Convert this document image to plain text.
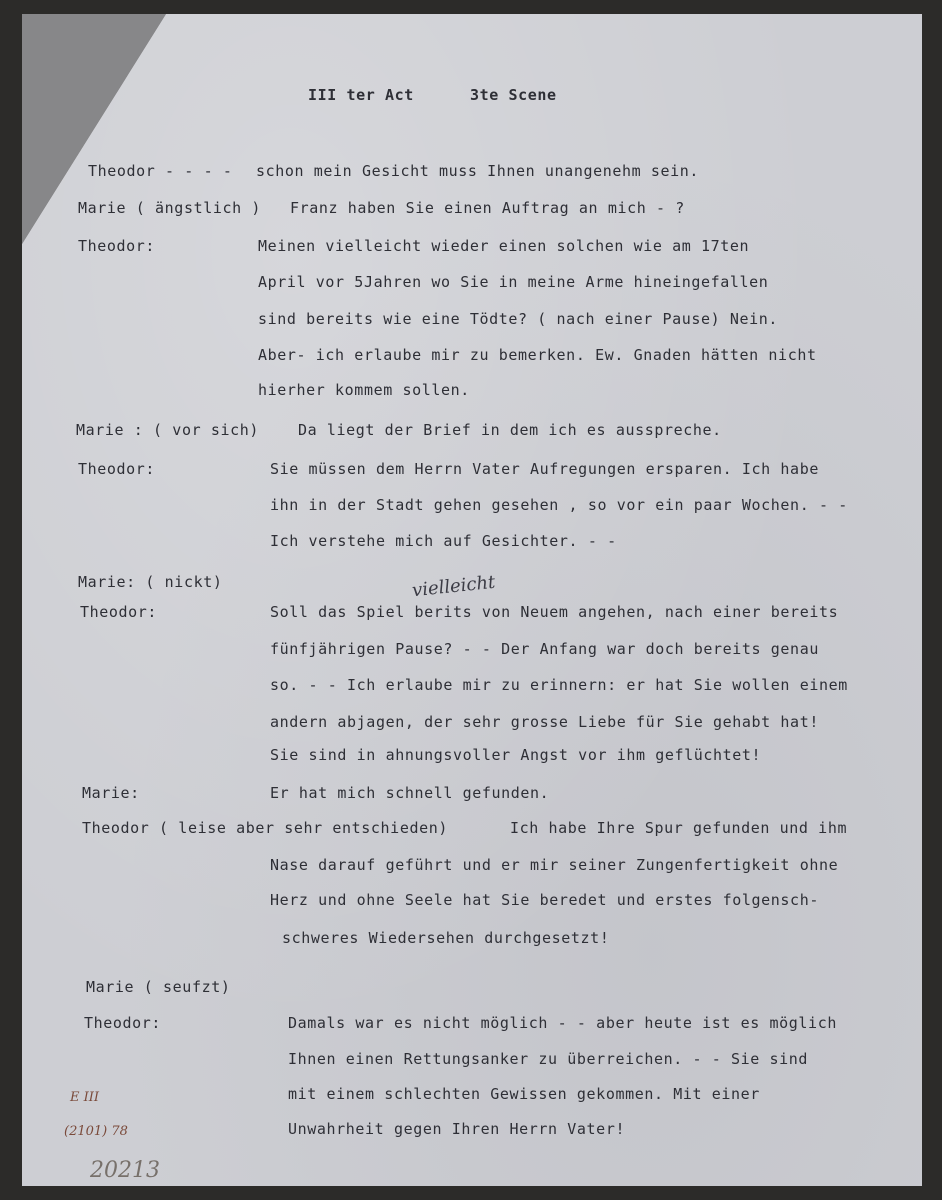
III ter Act	3te Scene
vielleicht
Theodor - - - - schon mein Gesicht muss Ihnen unangenehm sein.
Marie ( ängstlich ) Franz haben Sie einen Auftrag an mich - ?
Theodor:	Meinen vielleicht wieder einen solchen wie am 17ten
April vor 5Jahren wo Sie in meine Arme hineingefallen
sind bereits wie eine Tödte? ( nach einer Pause) Nein.
Aber- ich erlaube mir zu bemerken. Ew. Gnaden hätten nicht
hierher kommem sollen.
Marie : ( vor sich)	Da liegt der Brief in dem ich es ausspreche.
Theodor:	Sie müssen dem Herrn Vater Aufregungen ersparen. Ich habe
ihn in der Stadt gehen gesehen , so vor ein paar Wochen. - -
Ich verstehe mich auf Gesichter. - -
Marie: ( nickt)
Theodor:	Soll das Spiel berits von Neuem angehen, nach einer bereits
fünfjährigen Pause? - - Der Anfang war doch bereits genau
so. - - Ich erlaube mir zu erinnern: er hat Sie wollen einem
andern abjagen, der sehr grosse Liebe für Sie gehabt hat!
Sie sind in ahnungsvoller Angst vor ihm geflüchtet!
Marie:	Er hat mich schnell gefunden.
Theodor ( leise aber sehr entschieden)	Ich habe Ihre Spur gefunden und ihm
Nase darauf geführt und er mir seiner Zungenfertigkeit ohne
Herz und ohne Seele hat Sie beredet und erstes folgensch-
schweres Wiedersehen durchgesetzt!
Marie ( seufzt)
Theodor:	Damals war es nicht möglich - - aber heute ist es möglich
Ihnen einen Rettungsanker zu überreichen. - - Sie sind
mit einem schlechten Gewissen gekommen. Mit einer
Unwahrheit gegen Ihren Herrn Vater!
E III
(2101) 78
20213
